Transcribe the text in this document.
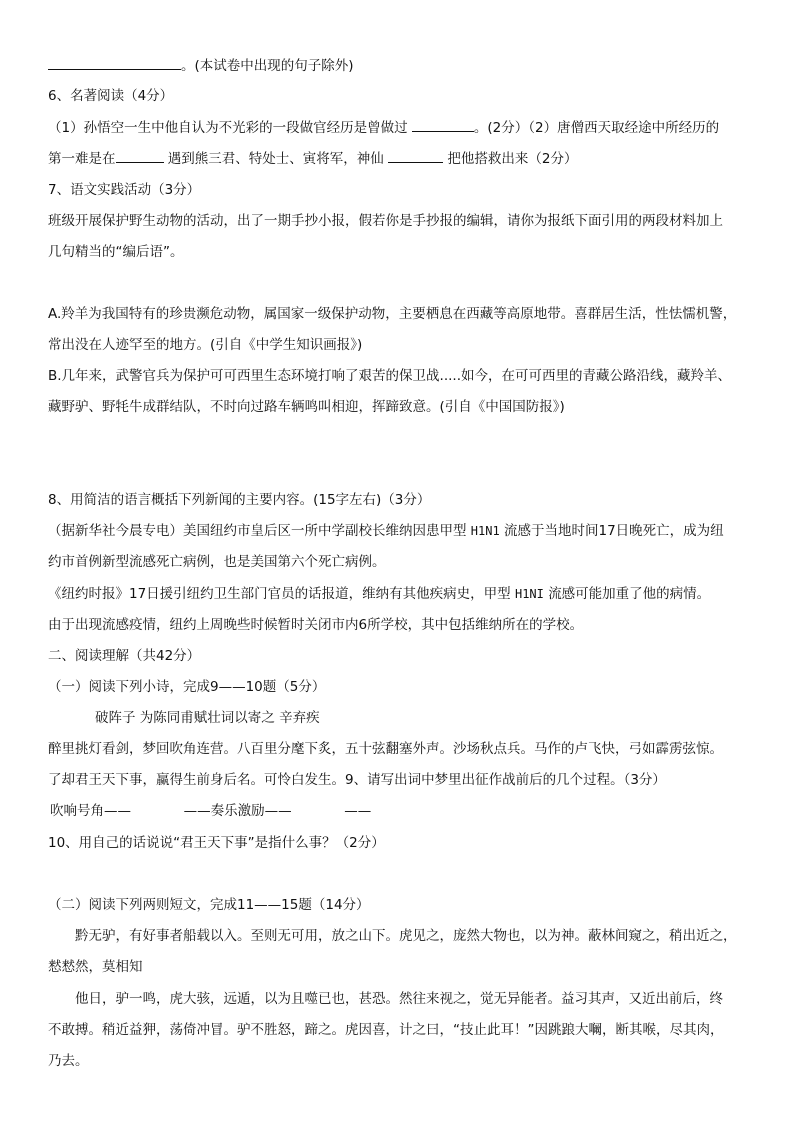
。(本试卷中出现的句子除外)
6、名著阅读（4分）
（1）孙悟空一生中他自认为不光彩的一段做官经历是曾做过	。(2分）（2）唐僧西天取经途中所经历的
第一难是在	遇到熊三君、特处士、寅将军，神仙	把他搭救出来（2分）
7、语文实践活动（3分）
班级开展保护野生动物的活动，出了一期手抄小报，假若你是手抄报的编辑，请你为报纸下面引用的两段材料加上
几句精当的“编后语”。
A.羚羊为我国特有的珍贵濒危动物，属国家一级保护动物，主要栖息在西藏等高原地带。喜群居生活，性怯懦机警，
常出没在人迹罕至的地方。(引自《中学生知识画报》)
B.几年来，武警官兵为保护可可西里生态环境打响了艰苦的保卫战.....如今，在可可西里的青藏公路沿线，藏羚羊、
藏野驴、野牦牛成群结队，不时向过路车辆鸣叫相迎，挥蹄致意。(引自《中国国防报》)
8、用简洁的语言概括下列新闻的主要内容。(15字左右)（3分）
（据新华社今晨专电）美国纽约市皇后区一所中学副校长维纳因患甲型 H1N1 流感于当地时间17日晚死亡，成为纽
约市首例新型流感死亡病例，也是美国第六个死亡病例。
《纽约时报》17日援引纽约卫生部门官员的话报道，维纳有其他疾病史，甲型 H1NI 流感可能加重了他的病情。
由于出现流感疫情，纽约上周晚些时候暂时关闭市内6所学校，其中包括维纳所在的学校。
二、阅读理解（共42分）
（一）阅读下列小诗，完成9——10题（5分）
破阵子 为陈同甫赋壮词以寄之 辛弃疾
醉里挑灯看剑，梦回吹角连营。八百里分麾下炙，五十弦翻塞外声。沙场秋点兵。马作的卢飞快，弓如霹雳弦惊。
了却君王天下事，赢得生前身后名。可怜白发生。9、请写出词中梦里出征作战前后的几个过程。（3分）
吹响号角——	——奏乐激励——	——
10、用自己的话说说“君王天下事”是指什么事？（2分）
（二）阅读下列两则短文，完成11——15题（14分）
黔无驴，有好事者船载以入。至则无可用，放之山下。虎见之，庞然大物也，以为神。蔽林间窥之，稍出近之，
慭慭然，莫相知
他日，驴一鸣，虎大骇，远遁，以为且噬已也，甚恐。然往来视之，觉无异能者。益习其声，又近出前后，终
不敢搏。稍近益狎，荡倚冲冒。驴不胜怒，蹄之。虎因喜，计之曰，“技止此耳！”因跳踉大㘎，断其喉，尽其肉，
乃去。
